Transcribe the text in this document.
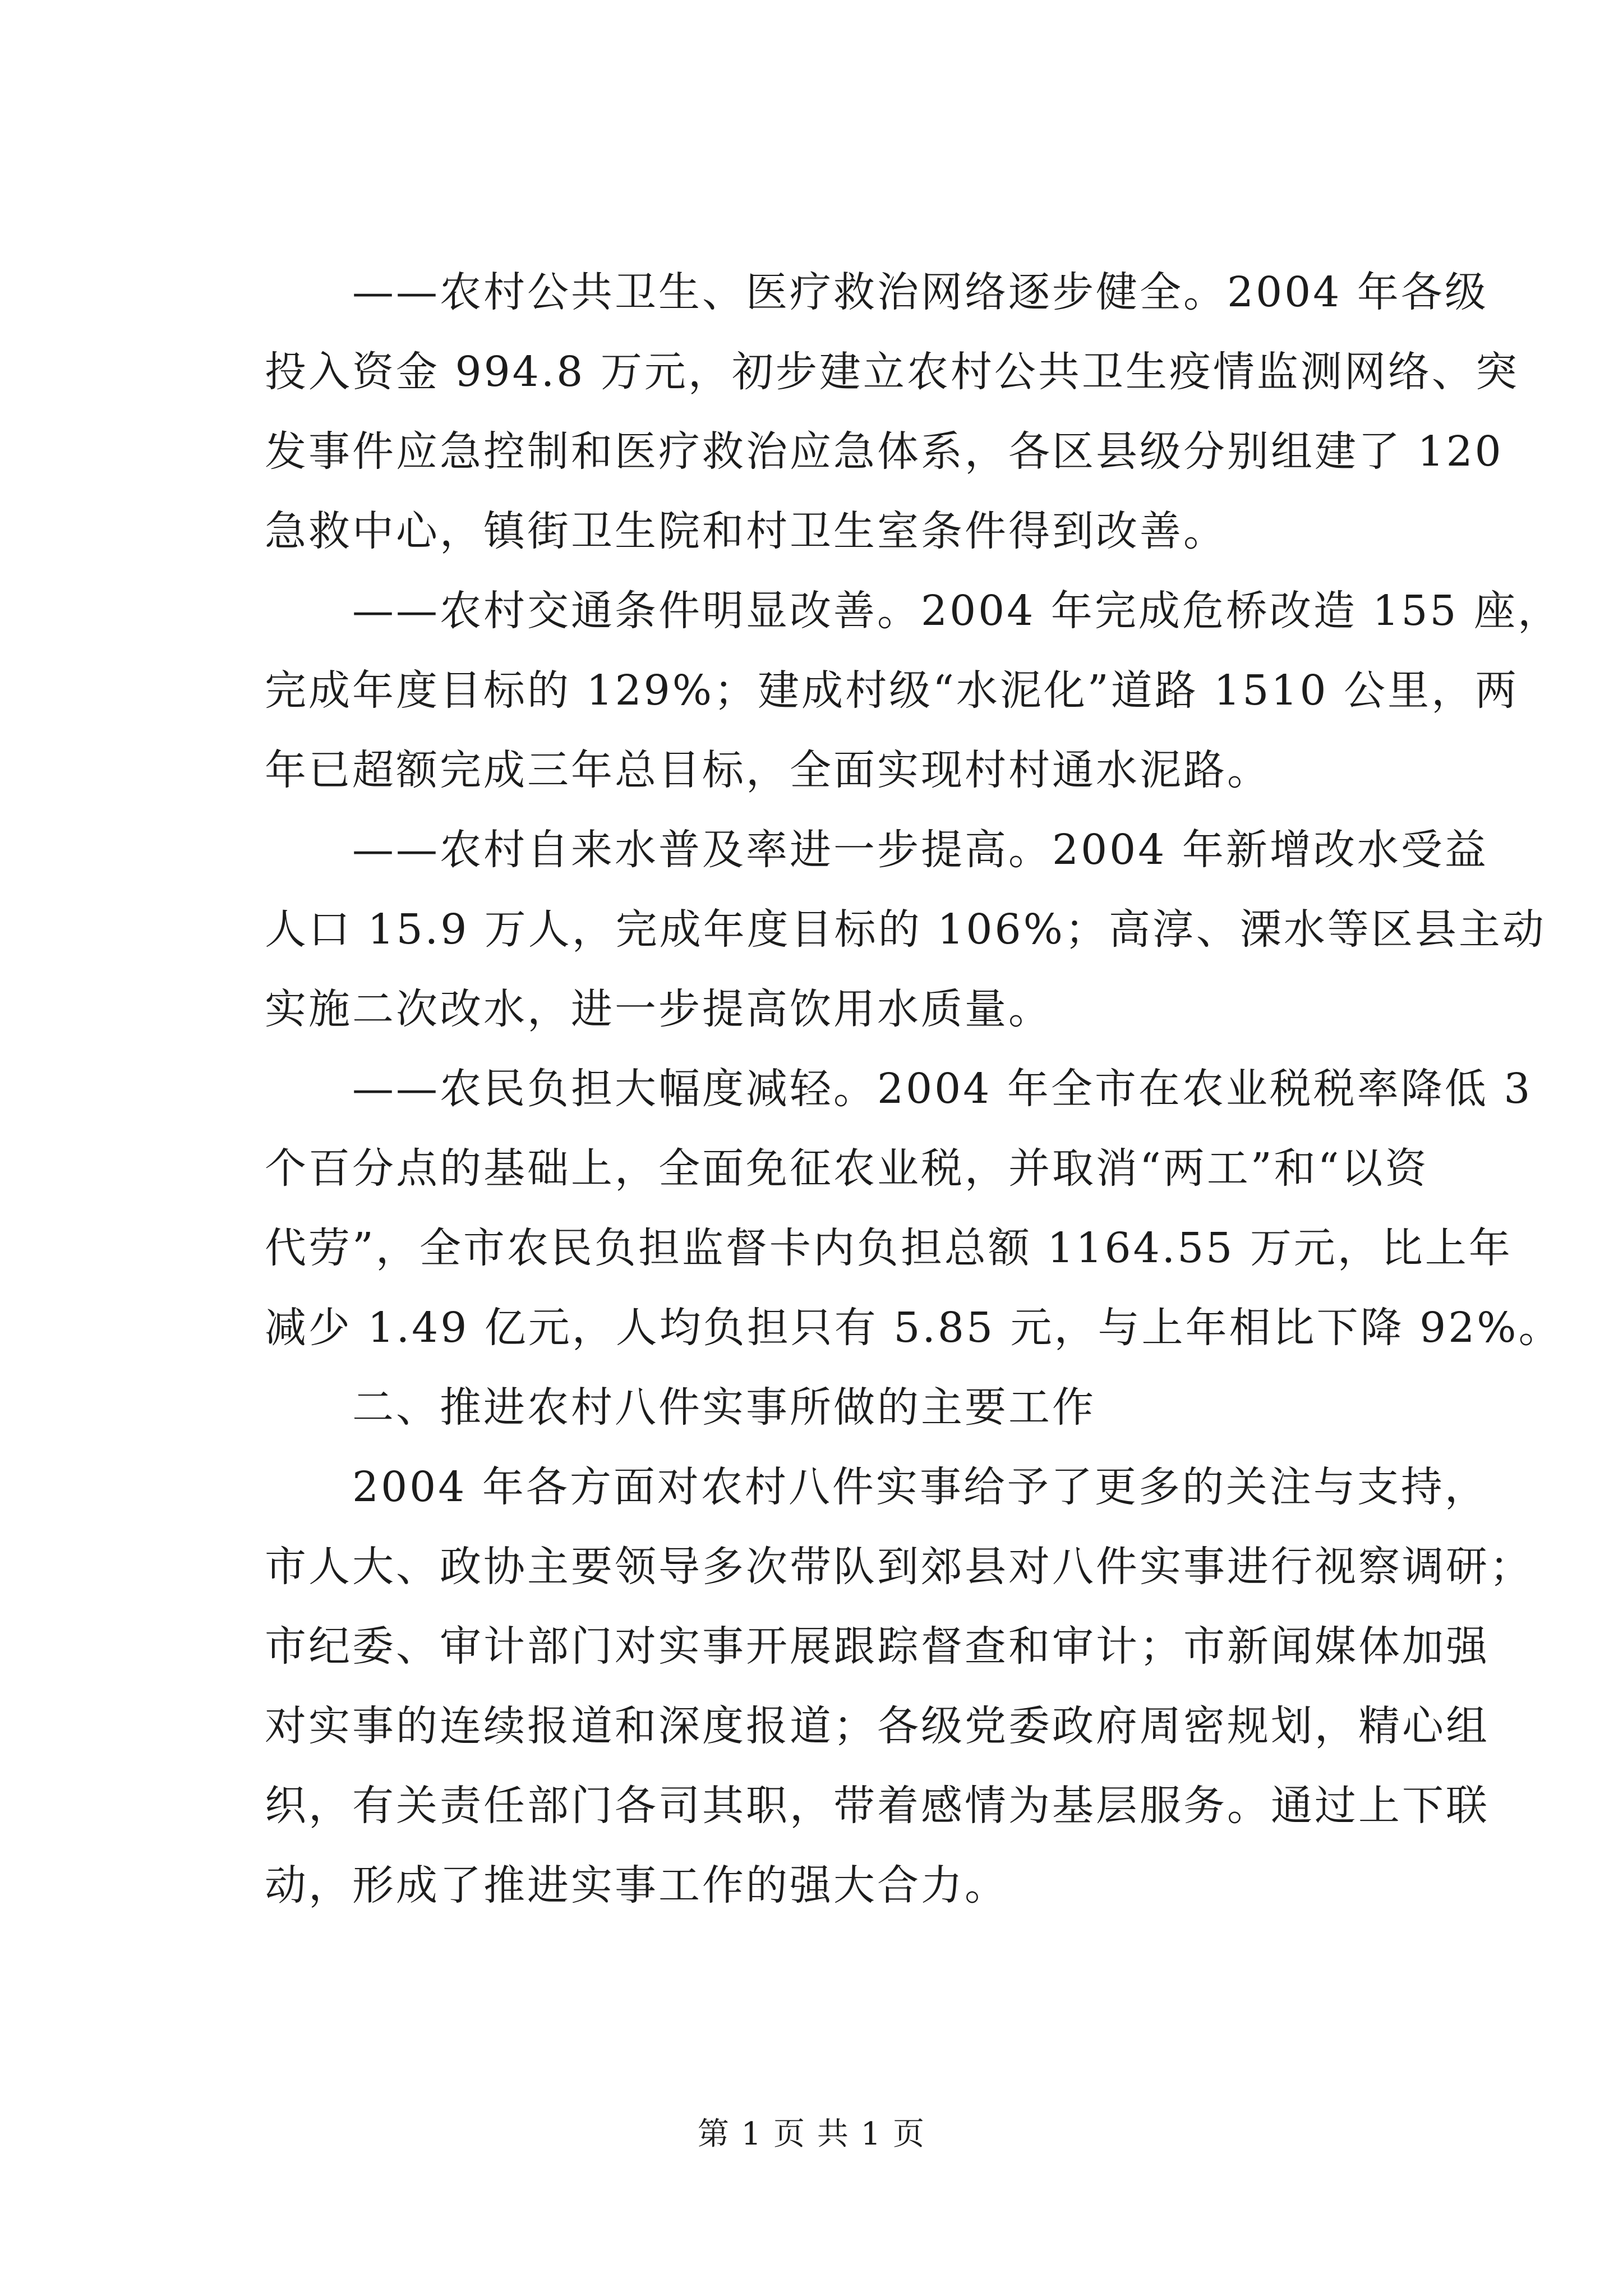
　　——农村公共卫生、医疗救治网络逐步健全。2004 年各级
投入资金 994.8 万元，初步建立农村公共卫生疫情监测网络、突
发事件应急控制和医疗救治应急体系，各区县级分别组建了 120
急救中心，镇街卫生院和村卫生室条件得到改善。
　　——农村交通条件明显改善。2004 年完成危桥改造 155 座，
完成年度目标的 129%；建成村级“水泥化”道路 1510 公里，两
年已超额完成三年总目标，全面实现村村通水泥路。
　　——农村自来水普及率进一步提高。2004 年新增改水受益
人口 15.9 万人，完成年度目标的 106%；高淳、溧水等区县主动
实施二次改水，进一步提高饮用水质量。
　　——农民负担大幅度减轻。2004 年全市在农业税税率降低 3
个百分点的基础上，全面免征农业税，并取消“两工”和“以资
代劳”，全市农民负担监督卡内负担总额 1164.55 万元，比上年
减少 1.49 亿元，人均负担只有 5.85 元，与上年相比下降 92%。
　　二、推进农村八件实事所做的主要工作
　　2004 年各方面对农村八件实事给予了更多的关注与支持，
市人大、政协主要领导多次带队到郊县对八件实事进行视察调研；
市纪委、审计部门对实事开展跟踪督查和审计；市新闻媒体加强
对实事的连续报道和深度报道；各级党委政府周密规划，精心组
织，有关责任部门各司其职，带着感情为基层服务。通过上下联
动，形成了推进实事工作的强大合力。
第 1 页 共 1 页
